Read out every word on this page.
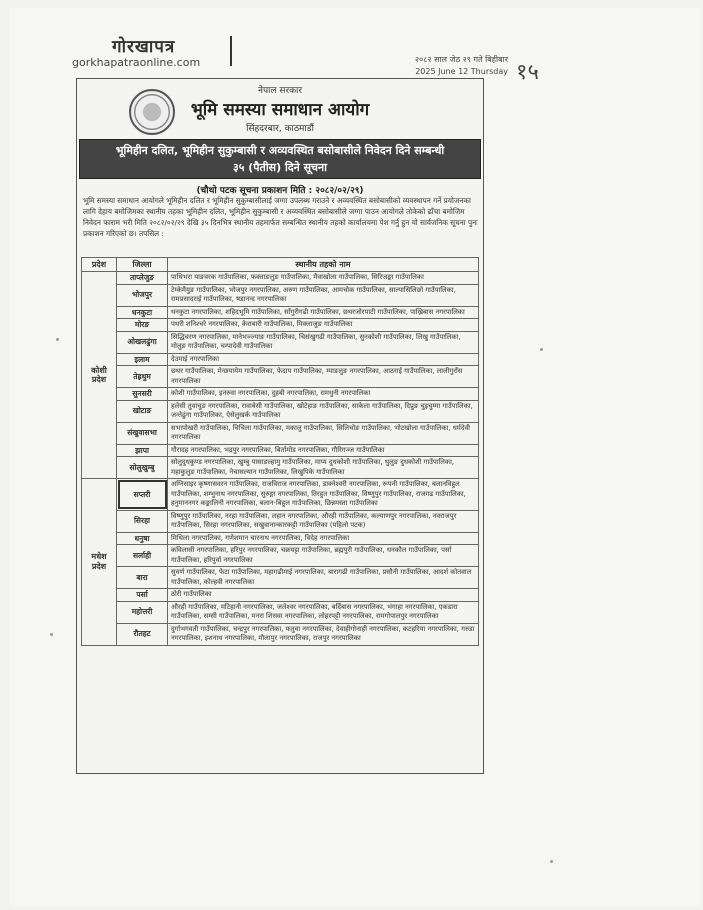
गोरखापत्र
gorkhapatraonline.com	२०८२ साल जेठ २९ गते बिहीबार
2025 June 12 Thursday १५
नेपाल सरकार
भूमि समस्या समाधान आयोग
सिंहदरबार, काठमाडौं
भूमिहीन दलित, भूमिहीन सुकुम्बासी र अव्यवस्थित बसोबासीले निवेदन दिने सम्बन्धी
३५ (पैतीस) दिने सूचना
(चौथो पटक सूचना प्रकाशन मिति : २०८२/०२/२९)
भूमि समस्या समाधान आयोगले भूमिहीन दलित र भूमिहीन सुकुम्बासीलाई जग्गा उपलब्ध गराउने र अव्यवस्थित बसोबासीको व्यवस्थापन गर्ने प्रयोजनका लागि देहाय बमोजिमका स्थानीय तहका भूमिहीन दलित, भूमिहीन सुकुम्बासी र अव्यवस्थित बसोबासीले जग्गा पाउन आयोगले तोकेको ढाँचा बमोजिम निवेदन फाराम भरी मिति २०८२/०२/२९ देखि ३५ दिनभित्र स्थानीय तहमार्फत सम्बन्धित स्थानीय तहको कार्यालयमा पेश गर्नु हुन यो सार्वजनिक सूचना पुनः प्रकाशन गरिएको छ। तपसिल :
प्रदेश	जिल्ला	स्थानीय तहको नाम
कोशी प्रदेश	ताप्लेजुङ	पाथिभरा याङवरक गाउँपालिका, फक्ताङलुङ गाउँपालिका, मैवाखोला गाउँपालिका, सिरिजङ्घा गाउँपालिका
	भोजपुर	टेम्केमैयुङ गाउँपालिका, भोजपुर नगरपालिका, अरुण गाउँपालिका, आमचोक गाउँपालिका, साल्पासिलिछो गाउँपालिका, रामप्रसादराई गाउँपालिका, षडानन्द नगरपालिका
	धनकुटा	धनकुटा नगरपालिका, शहिदभूमि गाउँपालिका, साँगुरीगढी गाउँपालिका, छथरजोरपाटी गाउँपालिका, पाख्रिबास नगरपालिका
	मोरङ	पथरी शनिश्चरे नगरपालिका, केराबारी गाउँपालिका, मिक्लाजुङ गाउँपालिका
	ओखलढुंगा	सिद्धिचरण नगरपालिका, मानेभञ्ज्याङ गाउँपालिका, चिसंखुगढी गाउँपालिका, सुनकोशी गाउँपालिका, लिखु गाउँपालिका, मोलुङ गाउँपालिका, चम्पादेवी गाउँपालिका
	इलाम	देउमाई नगरपालिका
	तेह्रथुम	छथर गाउँपालिका, मेन्छयायेम गाउँपालिका, फेदाप गाउँपालिका, म्याङलुङ नगरपालिका, आठराई गाउँपालिका, लालीगुराँस नगरपालिका
	सुनसरी	कोशी गाउँपालिका, इनरुवा नगरपालिका, दुहबी नगरपालिका, रामधुनी नगरपालिका
	खोटाङ	हलेसी तुवाचुङ नगरपालिका, रावाबेसी गाउँपालिका, खोटेहाङ गाउँपालिका, साकेला गाउँपालिका, दिप्रुङ चुइचुम्मा गाउँपालिका, जन्तेढुंगा गाउँपालिका, ऐसेलुखर्क गाउँपालिका
	संखुवासभा	सभापोखरी गाउँपालिका, चिचिला गाउँपालिका, मकालु गाउँपालिका, सिलिचोङ गाउँपालिका, भोटखोला गाउँपालिका, धर्मदेवी नगरपालिका
	झापा	गौरादह नगरपालिका, भद्रपुर नगरपालिका, बिर्तामोड नगरपालिका, गौरिगञ्ज गाउँपालिका
	सोलुखुम्बु	सोलुदुधकुण्ड नगरपालिका, खुम्बु पासाङल्हामु गाउँपालिका, माप्य दुधकोशी गाउँपालिका, थुलुङ दुधकोशी गाउँपालिका, महाकुलुङ गाउँपालिका, नेचासल्यान गाउँपालिका, लिखुपिके गाउँपालिका
मधेश प्रदेश	सप्तरी	अग्निसाइर कृष्णासवरन गाउँपालिका, राजविराज नगरपालिका, डाक्नेश्वरी नगरपालिका, रूपनी गाउँपालिका, बलानविहुल गाउँपालिका, शम्भुनाथ नगरपालिका, सुरुङ्गा नगरपालिका, तिरहुत गाउँपालिका, विष्णुपुर गाउँपालिका, राजगढ गाउँपालिका, हनुमाननगर कङ्कालिनी नगरपालिका, बलान-बिहुल गाउँपालिका, छिन्नमस्ता गाउँपालिका
	सिरहा	विष्णुपुर गाउँपालिका, नरहा गाउँपालिका, लहान नगरपालिका, औरही गाउँपालिका, कल्याणपुर नगरपालिका, नवराजपुर गाउँपालिका, सिरहा नगरपालिका, सखुवानान्कारकट्टी गाउँपालिका (पहिलो पटक)
	धनुषा	मिथिला नगरपालिका, गणेशमान चारनाथ नगरपालिका, विदेह नगरपालिका
	सर्लाही	कविलासी नगरपालिका, हरिपुर नगरपालिका, चक्रघट्टा गाउँपालिका, ब्रह्मपुरी गाउँपालिका, धनकौल गाउँपालिका, पर्सा गाउँपालिका, हरिपुर्वा नगरपालिका
	बारा	सुवर्ण गाउँपालिका, फेटा गाउँपालिका, महागढीमाई नगरपालिका, बारागढी गाउँपालिका, प्रसौनी गाउँपालिका, आदर्श कोतवाल गाउँपालिका, कोल्हवी नगरपालिका
	पर्सा	ठोरी गाउँपालिका
	महोत्तरी	औरही गाउँपालिका, मटिहानी नगरपालिका, जलेश्वर नगरपालिका, बर्दिबास नगरपालिका, भंगाहा नगरपालिका, एकडारा गाउँपालिका, सम्सी गाउँपालिका, मनरा शिसवा नगरपालिका, लोहरपट्टी नगरपालिका, रामगोपालपुर नगरपालिका
	रौतहट	दुर्गाभगवती गाउँपालिका, चन्द्रपुर नगरपालिका, फतुवा नगरपालिका, देवाहीगोनाही नगरपालिका, कटहरिया नगरपालिका, गरुडा नगरपालिका, इशनाथ नगरपालिका, मौलापुर नगरपालिका, राजपुर नगरपालिका
